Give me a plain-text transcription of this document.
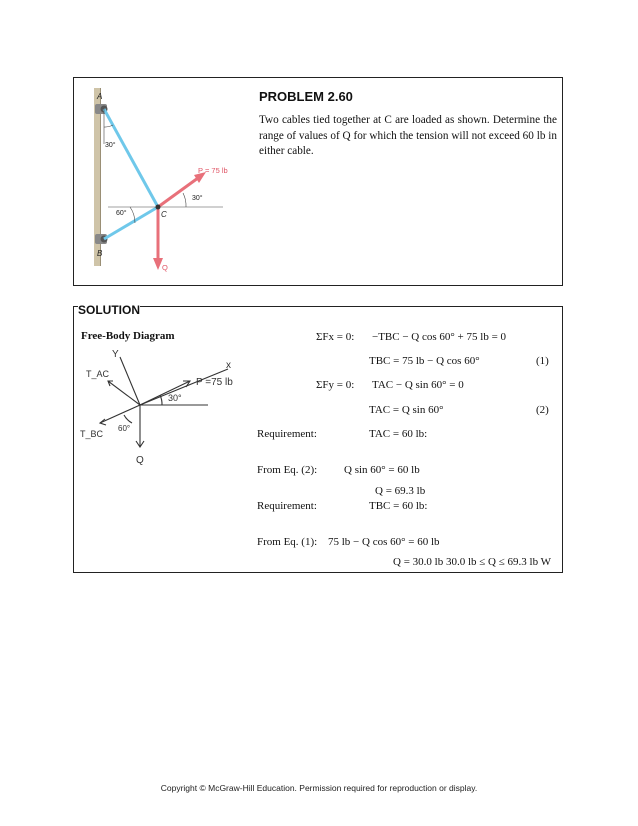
A
B
C
30°
60°
30°
P = 75 lb
Q
PROBLEM 2.60
Two cables tied together at C are loaded as shown. Determine the range of values of Q for which the tension will not exceed 60 lb in either cable.
SOLUTION
Free-Body Diagram
Y
x
T_AC
T_BC
P =75 lb
30°
60°
Q
ΣFx = 0: −TBC − Q cos 60° + 75 lb = 0
TBC = 75 lb − Q cos 60°	(1)
ΣFy = 0: TAC − Q sin 60° = 0
TAC = Q sin 60°	(2)
Requirement:	TAC = 60 lb:
From Eq. (2): Q sin 60° = 60 lb
Q = 69.3 lb
Requirement:	TBC = 60 lb:
From Eq. (1): 75 lb − Q cos 60° = 60 lb
Q = 30.0 lb 30.0 lb ≤ Q ≤ 69.3 lb W
Copyright © McGraw-Hill Education. Permission required for reproduction or display.
